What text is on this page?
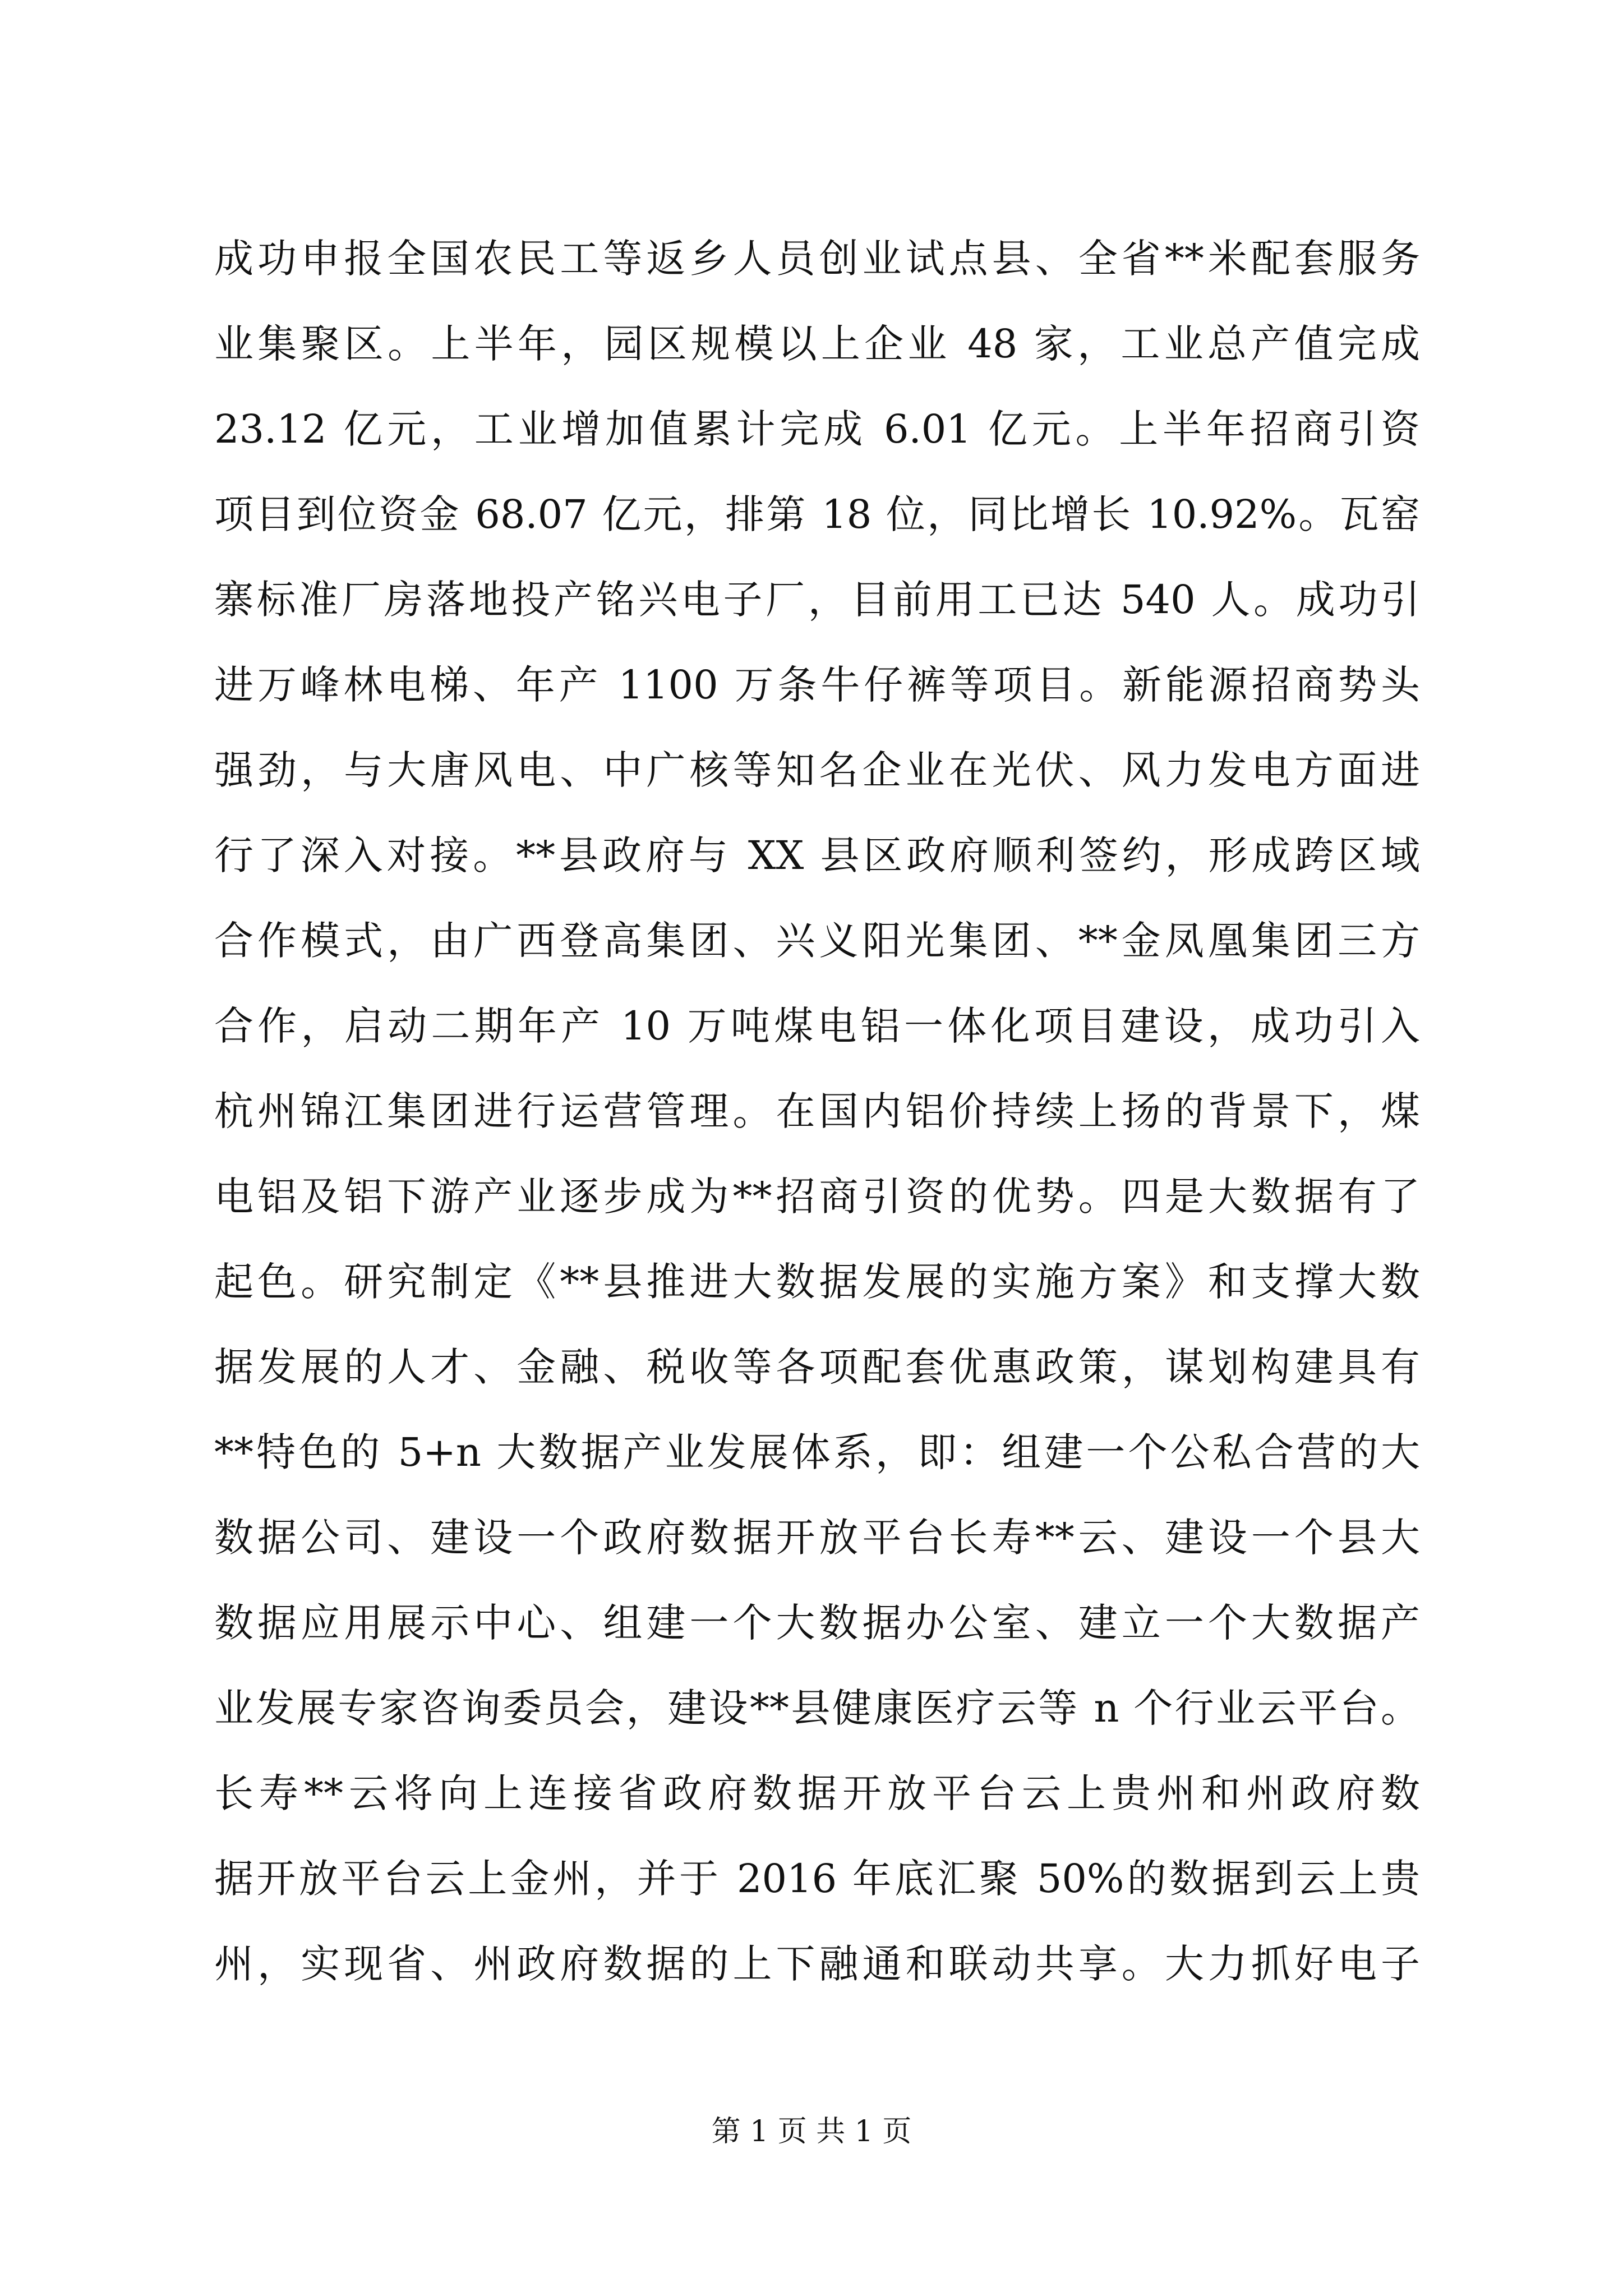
成功申报全国农民工等返乡人员创业试点县、全省**米配套服务
业集聚区。上半年，园区规模以上企业 48 家，工业总产值完成
23.12 亿元，工业增加值累计完成 6.01 亿元。上半年招商引资
项目到位资金 68.07 亿元，排第 18 位，同比增长 10.92%。瓦窑
寨标准厂房落地投产铭兴电子厂，目前用工已达 540 人。成功引
进万峰林电梯、年产 1100 万条牛仔裤等项目。新能源招商势头
强劲，与大唐风电、中广核等知名企业在光伏、风力发电方面进
行了深入对接。**县政府与 XX 县区政府顺利签约，形成跨区域
合作模式，由广西登高集团、兴义阳光集团、**金凤凰集团三方
合作，启动二期年产 10 万吨煤电铝一体化项目建设，成功引入
杭州锦江集团进行运营管理。在国内铝价持续上扬的背景下，煤
电铝及铝下游产业逐步成为**招商引资的优势。四是大数据有了
起色。研究制定《**县推进大数据发展的实施方案》和支撑大数
据发展的人才、金融、税收等各项配套优惠政策，谋划构建具有
**特色的 5+n 大数据产业发展体系，即：组建一个公私合营的大
数据公司、建设一个政府数据开放平台长寿**云、建设一个县大
数据应用展示中心、组建一个大数据办公室、建立一个大数据产
业发展专家咨询委员会，建设**县健康医疗云等 n 个行业云平台。
长寿**云将向上连接省政府数据开放平台云上贵州和州政府数
据开放平台云上金州，并于 2016 年底汇聚 50%的数据到云上贵
州，实现省、州政府数据的上下融通和联动共享。大力抓好电子
第 1 页 共 1 页
